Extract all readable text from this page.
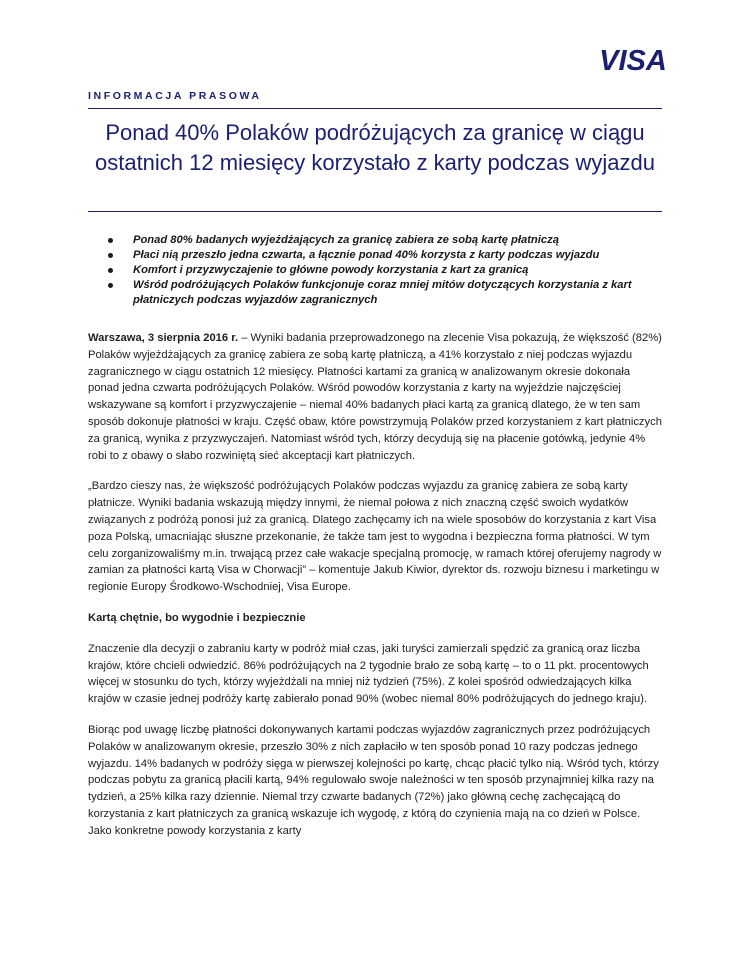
VISA
INFORMACJA PRASOWA
Ponad 40% Polaków podróżujących za granicę w ciągu ostatnich 12 miesięcy korzystało z karty podczas wyjazdu
Ponad 80% badanych wyjeżdżających za granicę zabiera ze sobą kartę płatniczą
Płaci nią przeszło jedna czwarta, a łącznie ponad 40% korzysta z karty podczas wyjazdu
Komfort i przyzwyczajenie to główne powody korzystania z kart za granicą
Wśród podróżujących Polaków funkcjonuje coraz mniej mitów dotyczących korzystania z kart płatniczych podczas wyjazdów zagranicznych

Warszawa, 3 sierpnia 2016 r. – Wyniki badania przeprowadzonego na zlecenie Visa pokazują, że większość (82%) Polaków wyjeżdżających za granicę zabiera ze sobą kartę płatniczą, a 41% korzystało z niej podczas wyjazdu zagranicznego w ciągu ostatnich 12 miesięcy. Płatności kartami za granicą w analizowanym okresie dokonała ponad jedna czwarta podróżujących Polaków. Wśród powodów korzystania z karty na wyjeździe najczęściej wskazywane są komfort i przyzwyczajenie – niemal 40% badanych płaci kartą za granicą dlatego, że w ten sam sposób dokonuje płatności w kraju. Część obaw, które powstrzymują Polaków przed korzystaniem z kart płatniczych za granicą, wynika z przyzwyczajeń. Natomiast wśród tych, którzy decydują się na płacenie gotówką, jedynie 4% robi to z obawy o słabo rozwiniętą sieć akceptacji kart płatniczych.

„Bardzo cieszy nas, że większość podróżujących Polaków podczas wyjazdu za granicę zabiera ze sobą karty płatnicze. Wyniki badania wskazują między innymi, że niemal połowa z nich znaczną część swoich wydatków związanych z podróżą ponosi już za granicą. Dlatego zachęcamy ich na wiele sposobów do korzystania z kart Visa poza Polską, umacniając słuszne przekonanie, że także tam jest to wygodna i bezpieczna forma płatności. W tym celu zorganizowaliśmy m.in. trwającą przez całe wakacje specjalną promocję, w ramach której oferujemy nagrody w zamian za płatności kartą Visa w Chorwacji” – komentuje Jakub Kiwior, dyrektor ds. rozwoju biznesu i marketingu w regionie Europy Środkowo-Wschodniej, Visa Europe.

Kartą chętnie, bo wygodnie i bezpiecznie

Znaczenie dla decyzji o zabraniu karty w podróż miał czas, jaki turyści zamierzali spędzić za granicą oraz liczba krajów, które chcieli odwiedzić. 86% podróżujących na 2 tygodnie brało ze sobą kartę – to o 11 pkt. procentowych więcej w stosunku do tych, którzy wyjeżdżali na mniej niż tydzień (75%). Z kolei spośród odwiedzających kilka krajów w czasie jednej podróży kartę zabierało ponad 90% (wobec niemal 80% podróżujących do jednego kraju).

Biorąc pod uwagę liczbę płatności dokonywanych kartami podczas wyjazdów zagranicznych przez podróżujących Polaków w analizowanym okresie, przeszło 30% z nich zapłaciło w ten sposób ponad 10 razy podczas jednego wyjazdu. 14% badanych w podróży sięga w pierwszej kolejności po kartę, chcąc płacić tylko nią. Wśród tych, którzy podczas pobytu za granicą płacili kartą, 94% regulowało swoje należności w ten sposób przynajmniej kilka razy na tydzień, a 25% kilka razy dziennie. Niemal trzy czwarte badanych (72%) jako główną cechę zachęcającą do korzystania z kart płatniczych za granicą wskazuje ich wygodę, z którą do czynienia mają na co dzień w Polsce. Jako konkretne powody korzystania z karty
